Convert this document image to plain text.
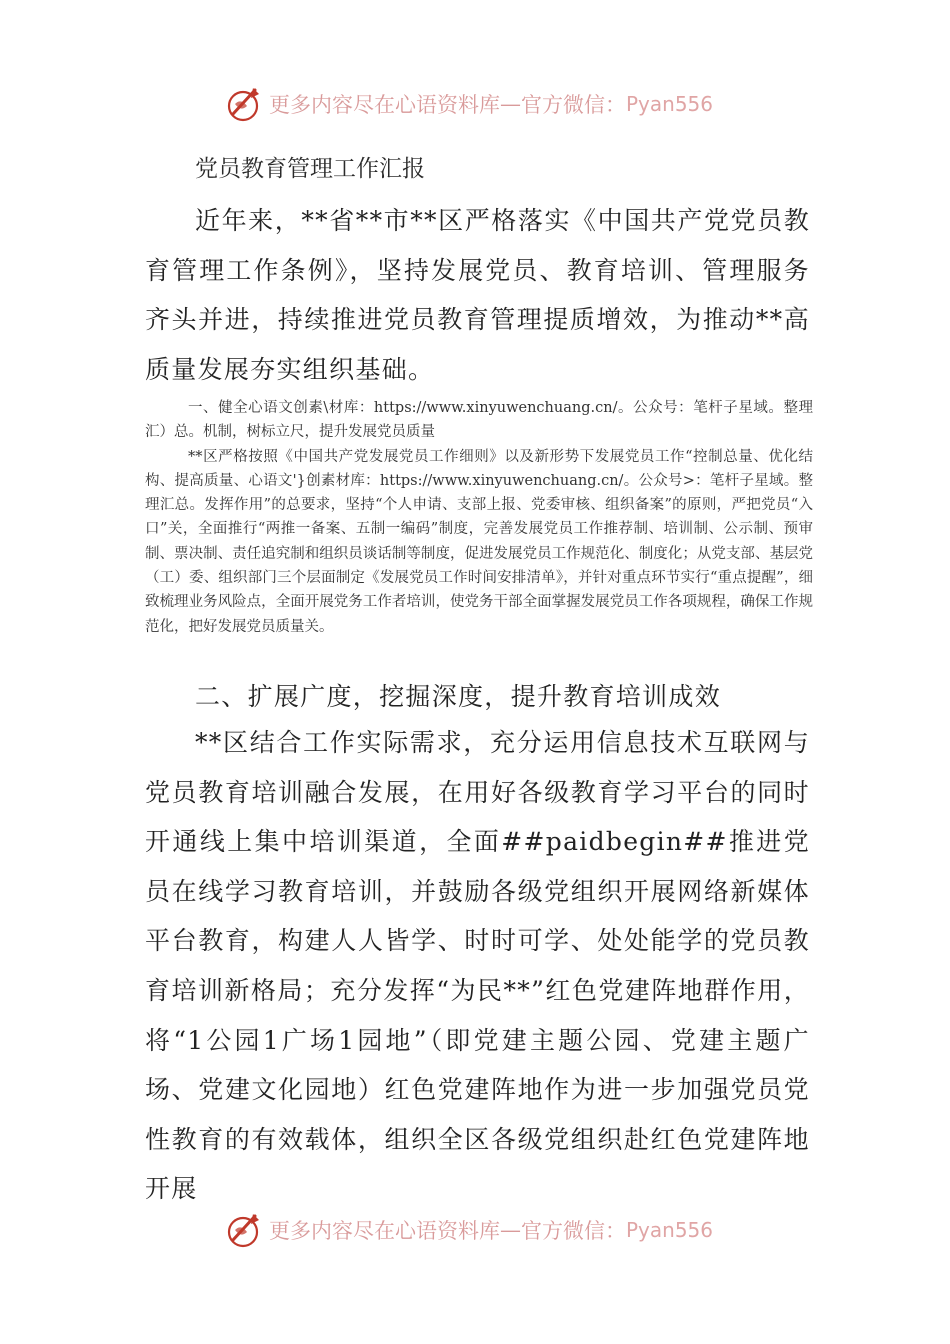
更多内容尽在心语资料库 — 官方微信： Pyan556
党员教育管理工作汇报

近年来，**省**市**区严格落实《中国共产党党员教育管理工作条例》，坚持发展党员、教育培训、管理服务齐头并进，持续推进党员教育管理提质增效，为推动**高质量发展夯实组织基础。

一、健全心语文创素\材库：https://www.xinyuwenchuang.cn/。公众号：笔杆子星域。整理汇）总。机制，树标立尺，提升发展党员质量

**区严格按照《中国共产党发展党员工作细则》以及新形势下发展党员工作“控制总量、优化结构、提高质量、心语文'}创素材库：https://www.xinyuwenchuang.cn/。公众号>：笔杆子星域。整理汇总。发挥作用”的总要求，坚持“个人申请、支部上报、党委审核、组织备案”的原则，严把党员“入口”关，全面推行“两推一备案、五制一编码”制度，完善发展党员工作推荐制、培训制、公示制、预审制、票决制、责任追究制和组织员谈话制等制度，促进发展党员工作规范化、制度化；从党支部、基层党（工）委、组织部门三个层面制定《发展党员工作时间安排清单》，并针对重点环节实行“重点提醒”，细致梳理业务风险点，全面开展党务工作者培训，使党务干部全面掌握发展党员工作各项规程，确保工作规范化，把好发展党员质量关。

二、扩展广度，挖掘深度，提升教育培训成效

**区结合工作实际需求，充分运用信息技术互联网与党员教育培训融合发展，在用好各级教育学习平台的同时开通线上集中培训渠道，全面##paidbegin##推进党员在线学习教育培训，并鼓励各级党组织开展网络新媒体平台教育，构建人人皆学、时时可学、处处能学的党员教育培训新格局；充分发挥“为民**”红色党建阵地群作用，将“1公园1广场1园地”（即党建主题公园、党建主题广场、党建文化园地）红色党建阵地作为进一步加强党员党性教育的有效载体，组织全区各级党组织赴红色党建阵地开展

更多内容尽在心语资料库 — 官方微信： Pyan556
